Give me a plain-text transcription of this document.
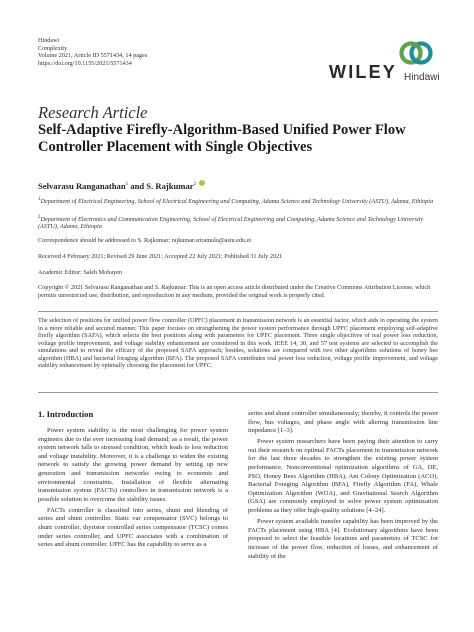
Hindawi
Complexity
Volume 2021, Article ID 5571434, 14 pages
https://doi.org/10.1155/2021/5571434	WILEY Hindawi
Research Article
Self-Adaptive Firefly-Algorithm-Based Unified Power Flow Controller Placement with Single Objectives
Selvarasu Ranganathan$^1$ and S. Rajkumar$^2$
$^1$Department of Electrical Engineering, School of Electrical Engineering and Computing, Adama Science and Technology University (ASTU), Adama, Ethiopia
$^2$Department of Electronics and Communication Engineering, School of Electrical Engineering and Computing, Adama Science and Technology University (ASTU), Adama, Ethiopia
Correspondence should be addressed to S. Rajkumar; rajkumar.sriramulu@astu.edu.et
Received 4 February 2021; Revised 29 June 2021; Accepted 22 July 2021; Published 31 July 2021
Academic Editor: Saleh Mobayen
Copyright © 2021 Selvarasu Ranganathan and S. Rajkumar. This is an open access article distributed under the Creative Commons Attribution License, which permits unrestricted use, distribution, and reproduction in any medium, provided the original work is properly cited.
The selection of positions for unified power flow controller (UPFC) placement in transmission network is an essential factor, which aids in operating the system in a more reliable and secured manner. This paper focuses on strengthening the power system performance through UPFC placement employing self-adaptive firefly algorithm (SAFA), which selects the best positions along with parameters for UPFC placement. Three single objectives of real power loss reduction, voltage profile improvement, and voltage stability enhancement are considered in this work. IEEE 14, 30, and 57 test systems are selected to accomplish the simulations and to reveal the efficacy of the proposed SAFA approach; besides, solutions are compared with two other algorithms solutions of honey bee algorithm (HBA) and bacterial foraging algorithm (BFA). The proposed SAFA contributes real power loss reduction, voltage profile improvement, and voltage stability enhancement by optimally choosing the placement for UPFC.
1. Introduction

Power system stability is the most challenging for power system engineers due to the ever increasing load demand; as a result, the power system network falls to stressed condition, which leads to loss reduction and voltage instability. Moreover, it is a challenge to widen the existing network to satisfy the growing power demand by setting up new generation and transmission networks owing to economic and environmental constraints. Installation of flexible alternating transmission system (FACTs) controllers in transmission network is a possible solution to overcome the stability issues.

FACTs controller is classified into series, shunt and blending of series and shunt controller. Static var compensator (SVC) belongs to shunt controller, thyristor controlled series compensator (TCSC) comes under series controller, and UPFC associates with a combination of series and shunt controller. UPFC has the capability to serve as a

series and shunt controller simultaneously; thereby, it controls the power flow, bus voltages, and phase angle with altering transmission line impedance [1–3].

Power system researchers have been paying their attention to carry out their research on optimal FACTs placement in transmission network for the last three decades to strengthen the existing power system performance. Nonconventional optimization algorithms of GA, DE, PSO, Honey Bees Algorithm (HBA), Ant Colony Optimization (ACO), Bacterial Foraging Algorithm (BFA), Firefly Algorithm (FA), Whale Optimization Algorithm (WOA), and Gravitational Search Algorithm (GSA) are commonly employed to solve power system optimization problems as they offer high-quality solutions [4–24].

Power system available transfer capability has been improved by the FACTs placement using HBA [4]. Evolutionary algorithms have been proposed to select the feasible locations and parameters of TCSC for increase of the power flow, reduction of losses, and enhancement of stability of the
